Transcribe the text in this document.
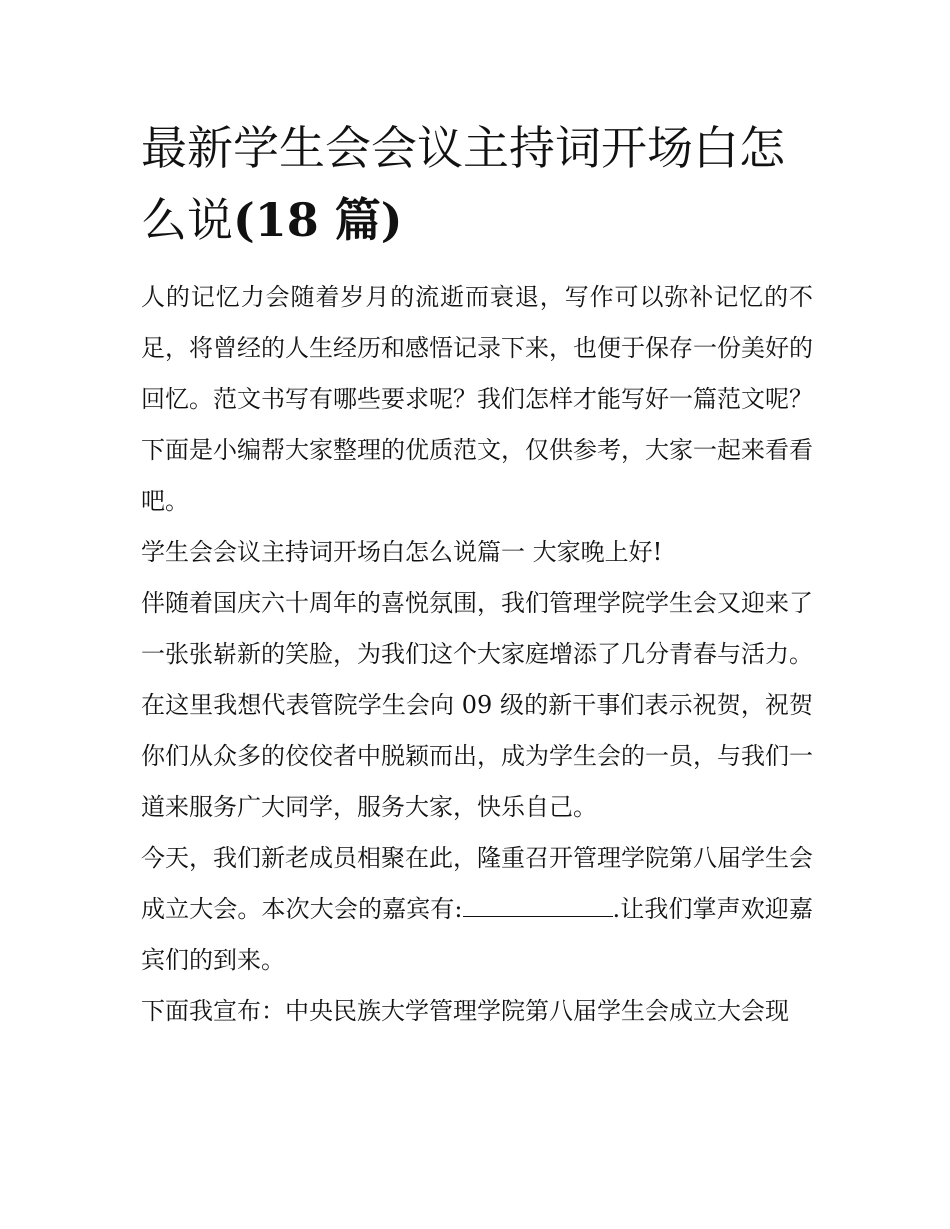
最新学生会会议主持词开场白怎么说(18 篇)

人的记忆力会随着岁月的流逝而衰退，写作可以弥补记忆的不足，将曾经的人生经历和感悟记录下来，也便于保存一份美好的回忆。范文书写有哪些要求呢？我们怎样才能写好一篇范文呢？下面是小编帮大家整理的优质范文，仅供参考，大家一起来看看吧。

学生会会议主持词开场白怎么说篇一 大家晚上好!

伴随着国庆六十周年的喜悦氛围，我们管理学院学生会又迎来了一张张崭新的笑脸，为我们这个大家庭增添了几分青春与活力。

在这里我想代表管院学生会向 09 级的新干事们表示祝贺，祝贺你们从众多的佼佼者中脱颖而出，成为学生会的一员，与我们一道来服务广大同学，服务大家，快乐自己。

今天，我们新老成员相聚在此，隆重召开管理学院第八届学生会成立大会。本次大会的嘉宾有:	.让我们掌声欢迎嘉宾们的到来。

下面我宣布：中央民族大学管理学院第八届学生会成立大会现
